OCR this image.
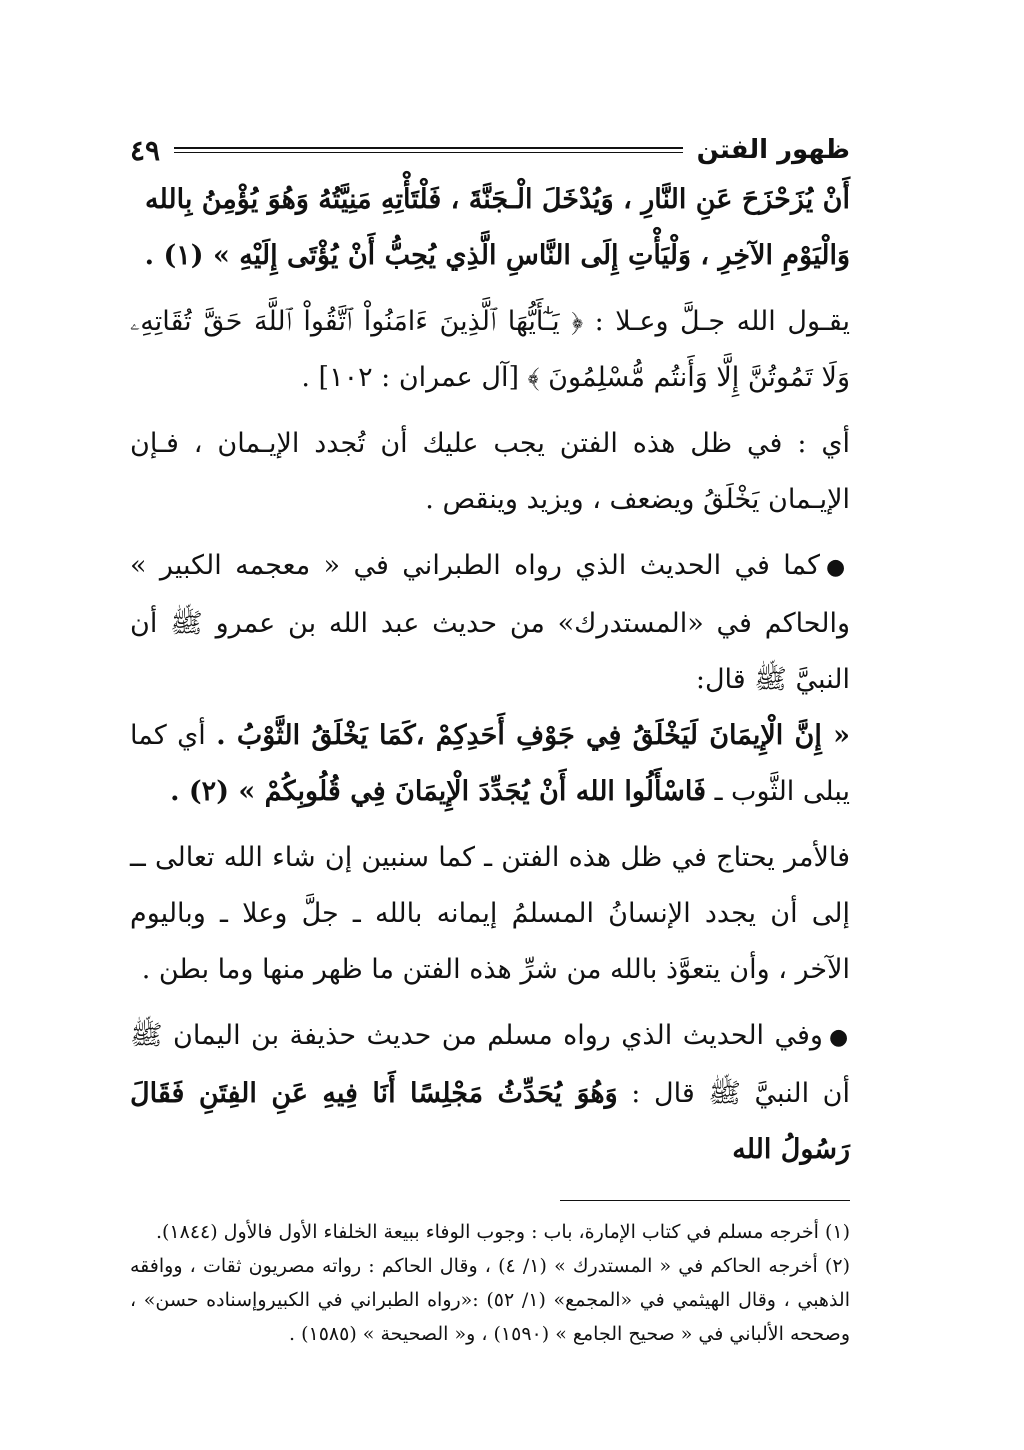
ظهور الفتن
٤٩

أَنْ يُزَحْزَحَ عَنِ النَّارِ ، وَيُدْخَلَ الْـجَنَّةَ ، فَلْتَأْتِهِ مَنِيَّتُهُ وَهُوَ يُؤْمِنُ بِالله

وَالْيَوْمِ الآخِرِ ، وَلْيَأْتِ إِلَى النَّاسِ الَّذِي يُحِبُّ أَنْ يُؤْتَى إِلَيْهِ » (١) .

يقـول الله جـلَّ وعـلا : ﴿ يَـٰٓأَيُّهَا ٱلَّذِينَ ءَامَنُواْ ٱتَّقُواْ ٱللَّهَ حَقَّ تُقَاتِهِۦ وَلَا تَمُوتُنَّ إِلَّا وَأَنتُم مُّسْلِمُونَ ﴾ [آل عمران : ١٠٢] .

أي : في ظل هذه الفتن يجب عليك أن تُجدد الإيـمان ، فـإن الإيـمان يَخْلَقُ ويضعف ، ويزيد وينقص .

●كما في الحديث الذي رواه الطبراني في « معجمه الكبير » والحاكم في «المستدرك» من حديث عبد الله بن عمرو ﷺ أن النبيَّ ﷺ قال:

« إِنَّ الْإِيمَانَ لَيَخْلَقُ فِي جَوْفِ أَحَدِكِمْ ،كَمَا يَخْلَقُ الثَّوْبُ . أي كما يبلى الثَّوب ـ فَاسْأَلُوا الله أَنْ يُجَدِّدَ الْإِيمَانَ فِي قُلُوبِكُمْ » (٢) .

فالأمر يحتاج في ظل هذه الفتن ـ كما سنبين إن شاء الله تعالى ــ إلى أن يجدد الإنسانُ المسلمُ إيمانه بالله ـ جلَّ وعلا ـ وباليوم الآخر ، وأن يتعوَّذ بالله من شرِّ هذه الفتن ما ظهر منها وما بطن .

●وفي الحديث الذي رواه مسلم من حديث حذيفة بن اليمان ﷺ أن النبيَّ ﷺ قال : وَهُوَ يُحَدِّثُ مَجْلِسًا أَنَا فِيهِ عَنِ الفِتَنِ فَقَالَ رَسُولُ الله

(١) أخرجه مسلم في كتاب الإمارة، باب : وجوب الوفاء ببيعة الخلفاء الأول فالأول (١٨٤٤).

(٢) أخرجه الحاكم في « المستدرك » (١/ ٤) ، وقال الحاكم : رواته مصريون ثقات ، ووافقه الذهبي ، وقال الهيثمي في «المجمع» (١/ ٥٢) :«رواه الطبراني في الكبيروإسناده حسن» ، وصححه الألباني في « صحيح الجامع » (١٥٩٠) ، و« الصحيحة » (١٥٨٥) .
